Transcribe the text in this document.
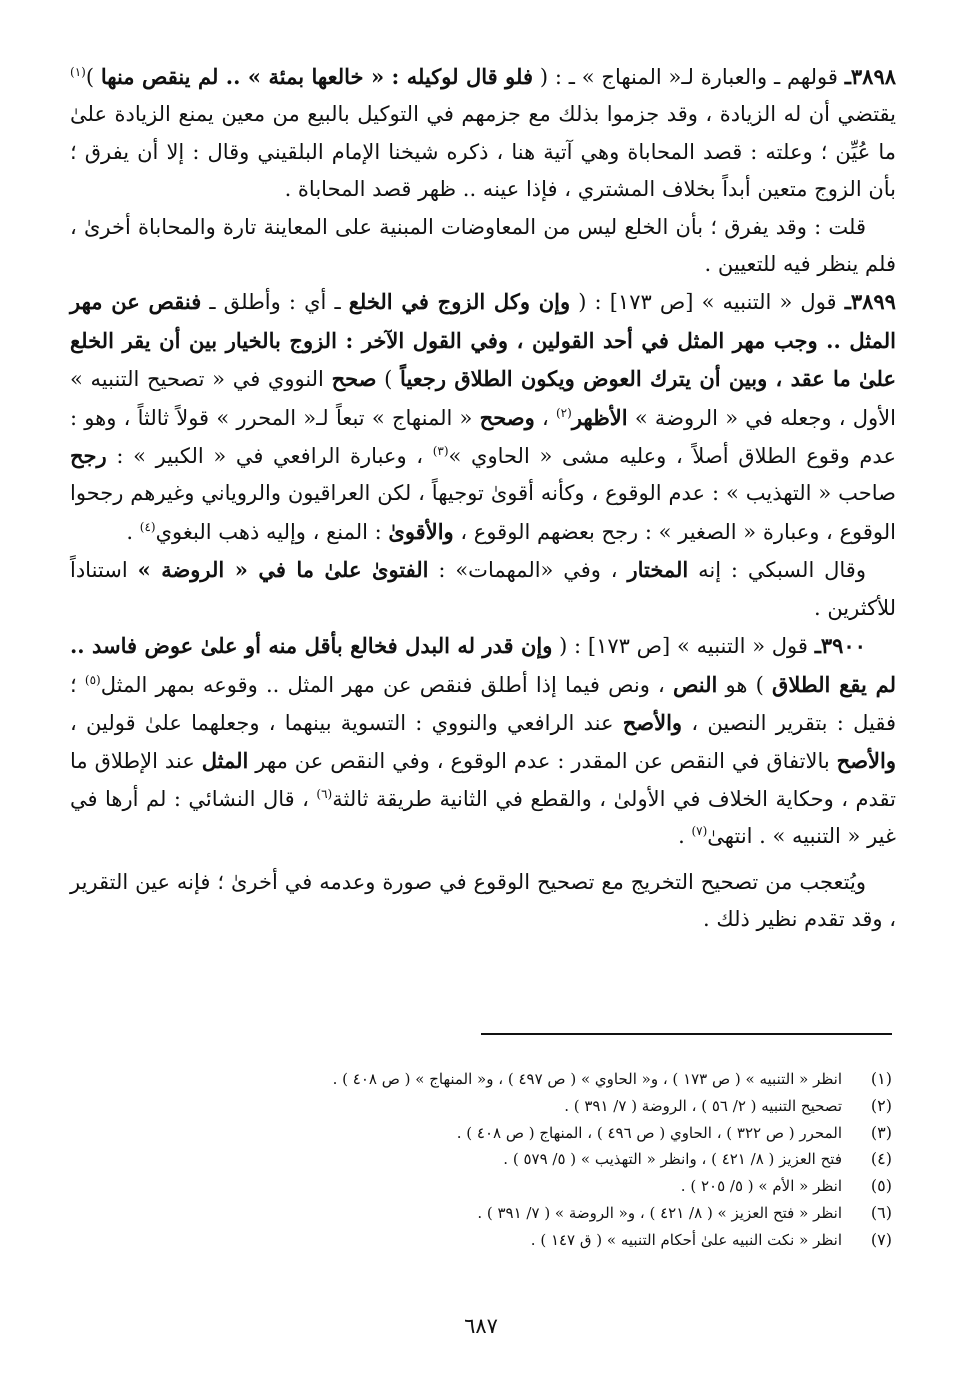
٣٨٩٨ـ قولهم ـ والعبارة لـ« المنهاج » ـ : ( فلو قال لوكيله : « خالعها بمئة » .. لم ينقص منها )$^{(١)}$ يقتضي أن له الزيادة ، وقد جزموا بذلك مع جزمهم في التوكيل بالبيع من معين يمنع الزيادة علىٰ ما عُيِّن ؛ وعلته : قصد المحاباة وهي آتية هنا ، ذكره شيخنا الإمام البلقيني وقال : إلا أن يفرق ؛ بأن الزوج متعين أبداً بخلاف المشتري ، فإذا عينه .. ظهر قصد المحاباة .

قلت : وقد يفرق ؛ بأن الخلع ليس من المعاوضات المبنية على المعاينة تارة والمحاباة أخرىٰ ، فلم ينظر فيه للتعيين .

٣٨٩٩ـ قول « التنبيه » [ص ١٧٣] : ( وإن وكل الزوج في الخلع ـ أي : وأطلق ـ فنقص عن مهر المثل .. وجب مهر المثل في أحد القولين ، وفي القول الآخر : الزوج بالخيار بين أن يقر الخلع علىٰ ما عقد ، وبين أن يترك العوض ويكون الطلاق رجعياً ) صحح النووي في « تصحيح التنبيه » الأول ، وجعله في « الروضة » الأظهر$^{(٢)}$ ، وصحح « المنهاج » تبعاً لـ« المحرر » قولاً ثالثاً ، وهو : عدم وقوع الطلاق أصلاً ، وعليه مشى « الحاوي »$^{(٣)}$ ، وعبارة الرافعي في « الكبير » : رجح صاحب « التهذيب » : عدم الوقوع ، وكأنه أقوىٰ توجيهاً ، لكن العراقيون والروياني وغيرهم رجحوا الوقوع ، وعبارة « الصغير » : رجح بعضهم الوقوع ، والأقوىٰ : المنع ، وإليه ذهب البغوي$^{(٤)}$ .

وقال السبكي : إنه المختار ، وفي «المهمات» : الفتوىٰ علىٰ ما في « الروضة » استناداً للأكثرين .

٣٩٠٠ـ قول « التنبيه » [ص ١٧٣] : ( وإن قدر له البدل فخالع بأقل منه أو علىٰ عوض فاسد .. لم يقع الطلاق ) هو النص ، ونص فيما إذا أطلق فنقص عن مهر المثل .. وقوعه بمهر المثل$^{(٥)}$ ؛ فقيل : بتقرير النصين ، والأصح عند الرافعي والنووي : التسوية بينهما ، وجعلهما علىٰ قولين ، والأصح بالاتفاق في النقص عن المقدر : عدم الوقوع ، وفي النقص عن مهر المثل عند الإطلاق ما تقدم ، وحكاية الخلاف في الأولىٰ ، والقطع في الثانية طريقة ثالثة$^{(٦)}$ ، قال النشائي : لم أرها في غير « التنبيه » . انتهىٰ$^{(٧)}$ .

ويُتعجب من تصحيح التخريج مع تصحيح الوقوع في صورة وعدمه في أخرىٰ ؛ فإنه عين التقرير ، وقد تقدم نظير ذلك .

(١)انظر « التنبيه » ( ص ١٧٣ ) ، و« الحاوي » ( ص ٤٩٧ ) ، و« المنهاج » ( ص ٤٠٨ ) .
(٢)تصحيح التنبيه ( ٢/ ٥٦ ) ، الروضة ( ٧/ ٣٩١ ) .
(٣)المحرر ( ص ٣٢٢ ) ، الحاوي ( ص ٤٩٦ ) ، المنهاج ( ص ٤٠٨ ) .
(٤)فتح العزيز ( ٨/ ٤٢١ ) ، وانظر « التهذيب » ( ٥/ ٥٧٩ ) .
(٥)انظر « الأم » ( ٥/ ٢٠٥ ) .
(٦)انظر « فتح العزيز » ( ٨/ ٤٢١ ) ، و« الروضة » ( ٧/ ٣٩١ ) .
(٧)انظر « نكت النبيه علىٰ أحكام التنبيه » ( ق ١٤٧ ) .
٦٨٧
